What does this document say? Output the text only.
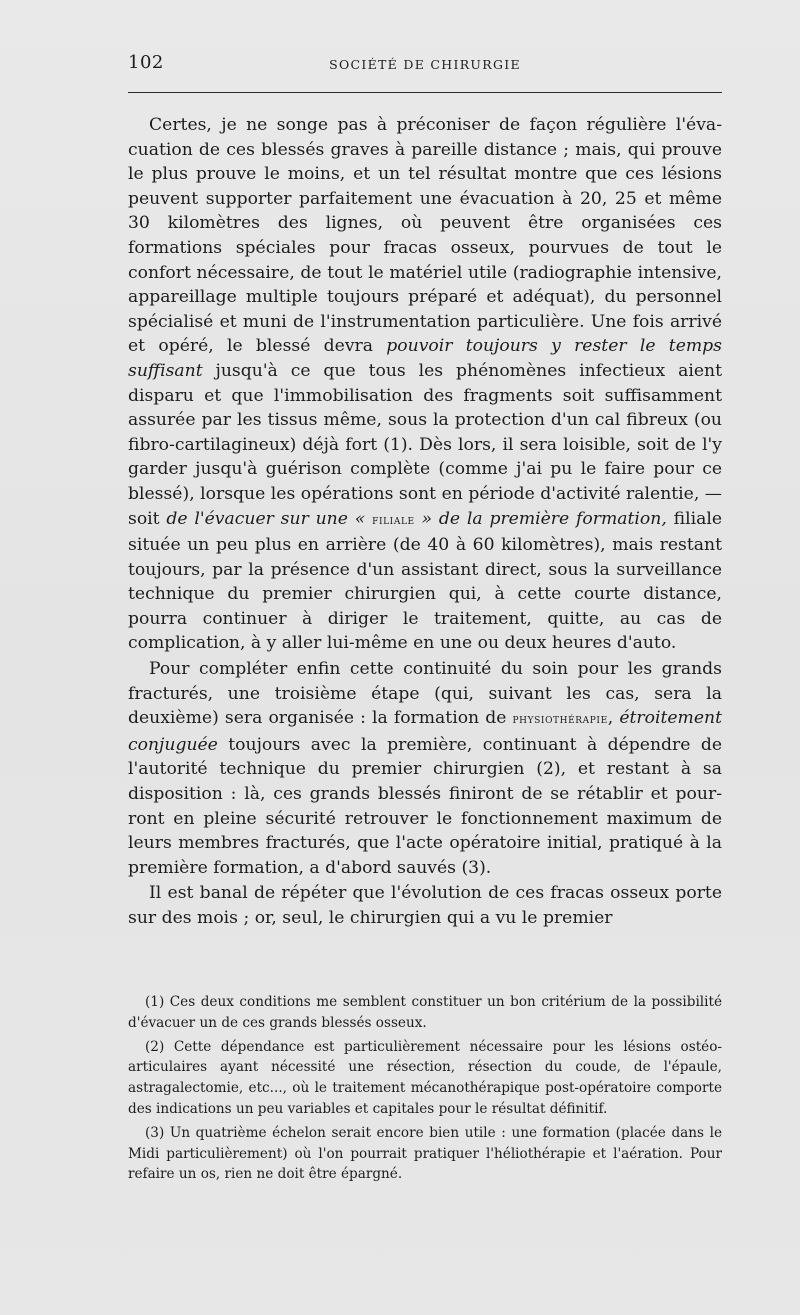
102	SOCIÉTÉ DE CHIRURGIE

Certes, je ne songe pas à préconiser de façon régulière l'évacuation de ces blessés graves à pareille distance ; mais, qui prouve le plus prouve le moins, et un tel résultat montre que ces lésions peuvent supporter parfaitement une évacuation à 20, 25 et même 30 kilomètres des lignes, où peuvent être organisées ces formations spéciales pour fracas osseux, pourvues de tout le confort nécessaire, de tout le matériel utile (radiographie intensive, appareillage multiple toujours préparé et adéquat), du personnel spécialisé et muni de l'instrumentation particulière. Une fois arrivé et opéré, le blessé devra pouvoir toujours y rester le temps suffisant jusqu'à ce que tous les phénomènes infectieux aient disparu et que l'immobilisation des fragments soit suffisamment assurée par les tissus même, sous la protection d'un cal fibreux (ou fibro-cartilagineux) déjà fort (1). Dès lors, il sera loisible, soit de l'y garder jusqu'à guérison complète (comme j'ai pu le faire pour ce blessé), lorsque les opérations sont en période d'activité ralentie, — soit de l'évacuer sur une « filiale » de la première formation, filiale située un peu plus en arrière (de 40 à 60 kilomètres), mais restant toujours, par la présence d'un assistant direct, sous la surveillance technique du premier chirurgien qui, à cette courte distance, pourra continuer à diriger le traitement, quitte, au cas de complication, à y aller lui-même en une ou deux heures d'auto.

Pour compléter enfin cette continuité du soin pour les grands fracturés, une troisième étape (qui, suivant les cas, sera la deuxième) sera organisée : la formation de physiothérapie, étroitement conjuguée toujours avec la première, continuant à dépendre de l'autorité technique du premier chirurgien (2), et restant à sa disposition : là, ces grands blessés finiront de se rétablir et pourront en pleine sécurité retrouver le fonctionnement maximum de leurs membres fracturés, que l'acte opératoire initial, pratiqué à la première formation, a d'abord sauvés (3).

Il est banal de répéter que l'évolution de ces fracas osseux porte sur des mois ; or, seul, le chirurgien qui a vu le premier

(1) Ces deux conditions me semblent constituer un bon critérium de la possibilité d'évacuer un de ces grands blessés osseux.

(2) Cette dépendance est particulièrement nécessaire pour les lésions ostéo-articulaires ayant nécessité une résection, résection du coude, de l'épaule, astragalectomie, etc..., où le traitement mécanothérapique post-opératoire comporte des indications un peu variables et capitales pour le résultat définitif.

(3) Un quatrième échelon serait encore bien utile : une formation (placée dans le Midi particulièrement) où l'on pourrait pratiquer l'héliothérapie et l'aération. Pour refaire un os, rien ne doit être épargné.
